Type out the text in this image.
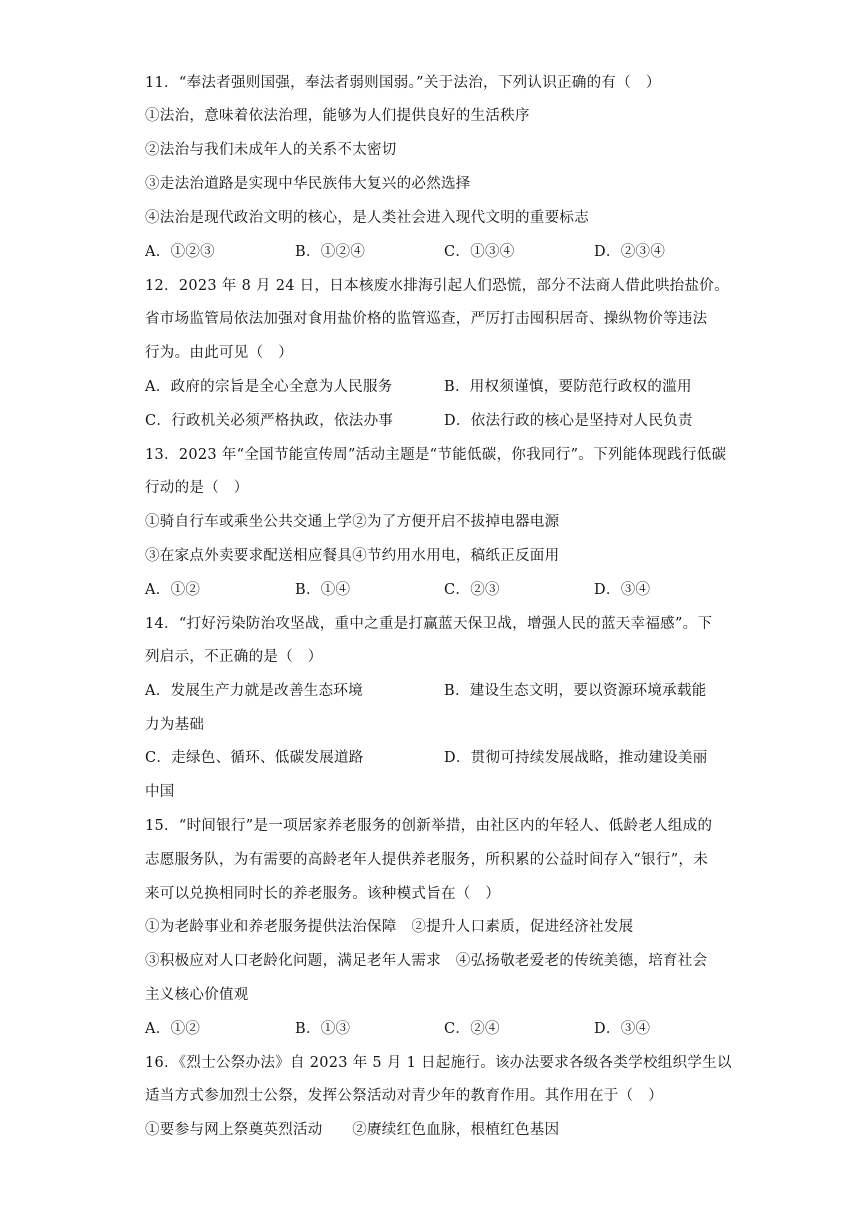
11．“奉法者强则国强，奉法者弱则国弱。”关于法治，下列认识正确的有（　）
①法治，意味着依法治理，能够为人们提供良好的生活秩序
②法治与我们未成年人的关系不太密切
③走法治道路是实现中华民族伟大复兴的必然选择
④法治是现代政治文明的核心，是人类社会进入现代文明的重要标志
A．①②③	B．①②④	C．①③④	D．②③④
12．2023 年 8 月 24 日，日本核废水排海引起人们恐慌，部分不法商人借此哄抬盐价。
省市场监管局依法加强对食用盐价格的监管巡查，严厉打击囤积居奇、操纵物价等违法
行为。由此可见（　）
A．政府的宗旨是全心全意为人民服务	B．用权须谨慎，要防范行政权的滥用
C．行政机关必须严格执政，依法办事	D．依法行政的核心是坚持对人民负责
13．2023 年“全国节能宣传周”活动主题是“节能低碳，你我同行”。下列能体现践行低碳
行动的是（　）
①骑自行车或乘坐公共交通上学②为了方便开启不拔掉电器电源
③在家点外卖要求配送相应餐具④节约用水用电，稿纸正反面用
A．①②	B．①④	C．②③	D．③④
14．“打好污染防治攻坚战，重中之重是打赢蓝天保卫战，增强人民的蓝天幸福感”。下
列启示，不正确的是（　）
A．发展生产力就是改善生态环境	B．建设生态文明，要以资源环境承载能
力为基础
C．走绿色、循环、低碳发展道路	D．贯彻可持续发展战略，推动建设美丽
中国
15．“时间银行”是一项居家养老服务的创新举措，由社区内的年轻人、低龄老人组成的
志愿服务队，为有需要的高龄老年人提供养老服务，所积累的公益时间存入“银行”，未
来可以兑换相同时长的养老服务。该种模式旨在（　）
①为老龄事业和养老服务提供法治保障　②提升人口素质，促进经济社发展
③积极应对人口老龄化问题，满足老年人需求　④弘扬敬老爱老的传统美德，培育社会
主义核心价值观
A．①②	B．①③	C．②④	D．③④
16．《烈士公祭办法》自 2023 年 5 月 1 日起施行。该办法要求各级各类学校组织学生以
适当方式参加烈士公祭，发挥公祭活动对青少年的教育作用。其作用在于（　）
①要参与网上祭奠英烈活动　　②赓续红色血脉，根植红色基因
